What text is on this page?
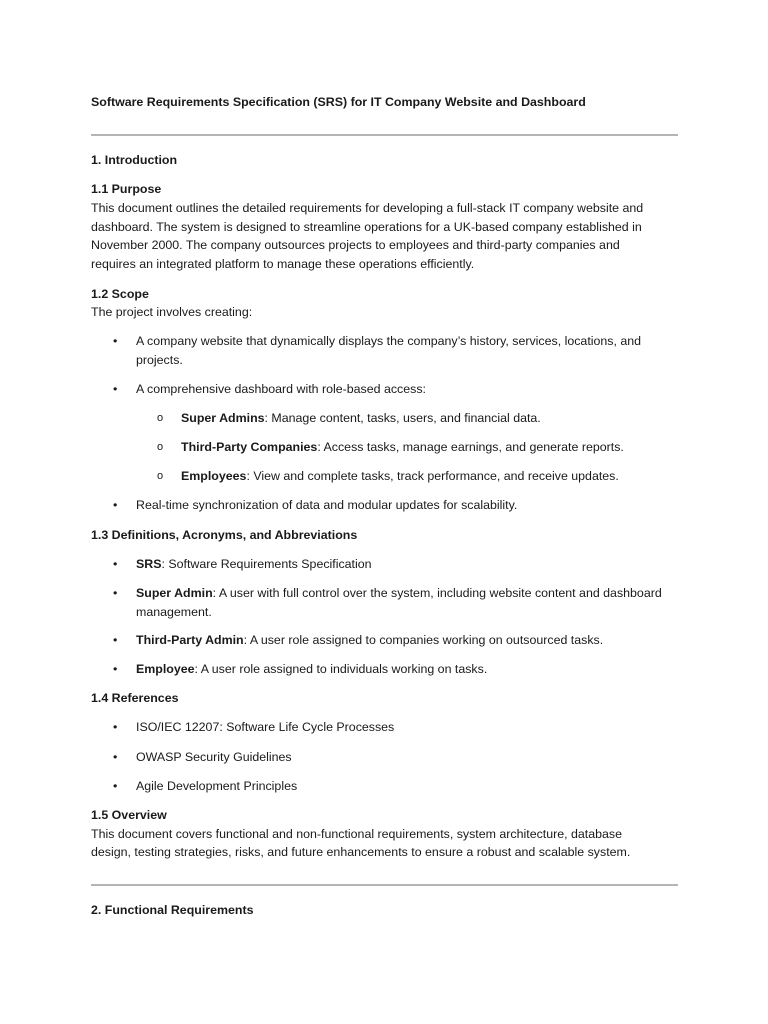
Software Requirements Specification (SRS) for IT Company Website and Dashboard
1. Introduction
1.1 Purpose
This document outlines the detailed requirements for developing a full-stack IT company website and
dashboard. The system is designed to streamline operations for a UK-based company established in
November 2000. The company outsources projects to employees and third-party companies and
requires an integrated platform to manage these operations efficiently.
1.2 Scope
The project involves creating:
•	A company website that dynamically displays the company’s history, services, locations, and
projects.
•	A comprehensive dashboard with role-based access:
o	Super Admins: Manage content, tasks, users, and financial data.
o	Third-Party Companies: Access tasks, manage earnings, and generate reports.
o	Employees: View and complete tasks, track performance, and receive updates.
•	Real-time synchronization of data and modular updates for scalability.
1.3 Definitions, Acronyms, and Abbreviations
•	SRS: Software Requirements Specification
•	Super Admin: A user with full control over the system, including website content and dashboard
management.
•	Third-Party Admin: A user role assigned to companies working on outsourced tasks.
•	Employee: A user role assigned to individuals working on tasks.
1.4 References
•	ISO/IEC 12207: Software Life Cycle Processes
•	OWASP Security Guidelines
•	Agile Development Principles
1.5 Overview
This document covers functional and non-functional requirements, system architecture, database
design, testing strategies, risks, and future enhancements to ensure a robust and scalable system.
2. Functional Requirements
